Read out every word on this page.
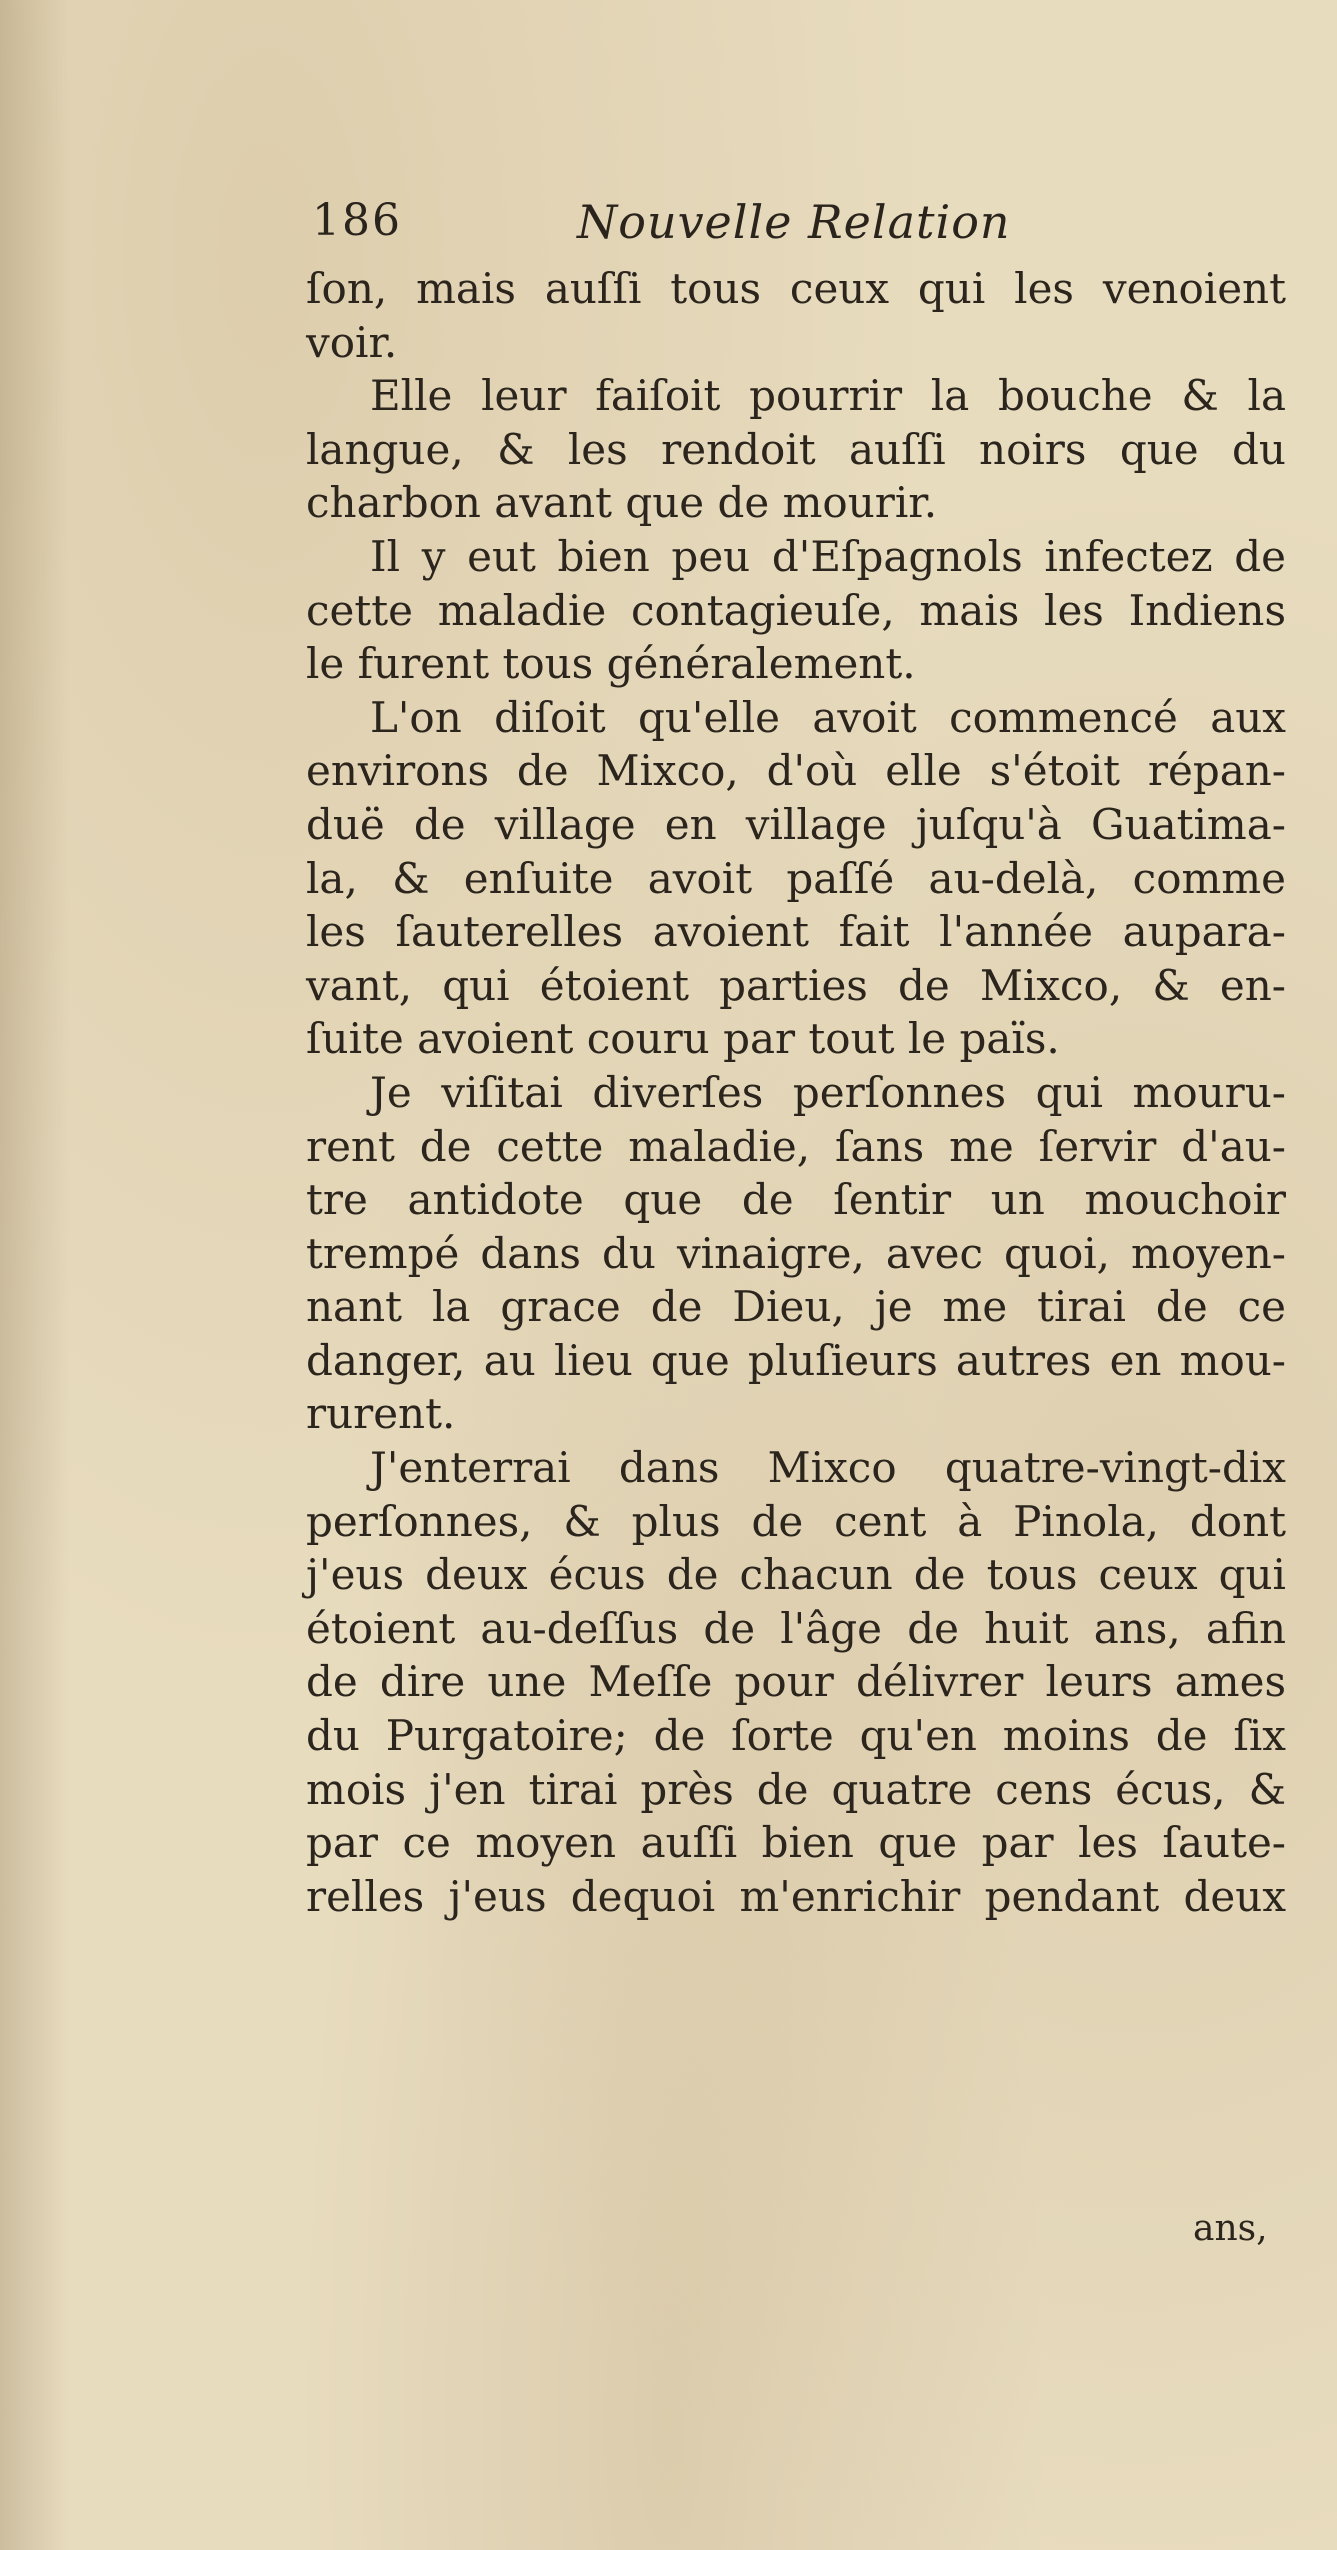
186	Nouvelle Relation
ſon, mais auſſi tous ceux qui les venoient
voir.
Elle leur faiſoit pourrir la bouche & la
langue, & les rendoit auſſi noirs que du
charbon avant que de mourir.
Il y eut bien peu d'Eſpagnols infectez de
cette maladie contagieuſe, mais les Indiens
le furent tous généralement.
L'on diſoit qu'elle avoit commencé aux
environs de Mixco, d'où elle s'étoit répan-
duë de village en village juſqu'à Guatima-
la, & enſuite avoit paſſé au-delà, comme
les ſauterelles avoient fait l'année aupara-
vant, qui étoient parties de Mixco, & en-
ſuite avoient couru par tout le païs.
Je viſitai diverſes perſonnes qui mouru-
rent de cette maladie, ſans me ſervir d'au-
tre antidote que de ſentir un mouchoir
trempé dans du vinaigre, avec quoi, moyen-
nant la grace de Dieu, je me tirai de ce
danger, au lieu que pluſieurs autres en mou-
rurent.
J'enterrai dans Mixco quatre-vingt-dix
perſonnes, & plus de cent à Pinola, dont
j'eus deux écus de chacun de tous ceux qui
étoient au-deſſus de l'âge de huit ans, afin
de dire une Meſſe pour délivrer leurs ames
du Purgatoire; de ſorte qu'en moins de ſix
mois j'en tirai près de quatre cens écus, &
par ce moyen auſſi bien que par les ſaute-
relles j'eus dequoi m'enrichir pendant deux
ans,
